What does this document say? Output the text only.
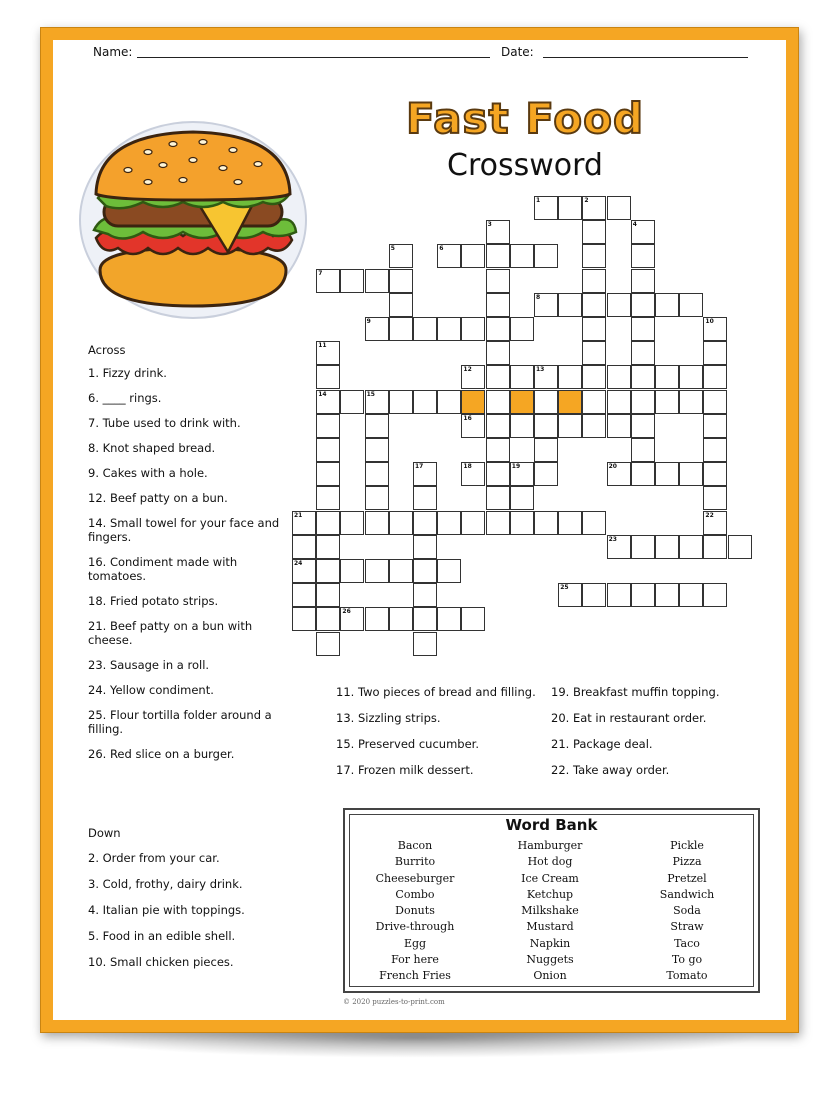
Name:	Date:
Fast Food
Crossword
Across
1. Fizzy drink.
6. ____ rings.
7. Tube used to drink with.
8. Knot shaped bread.
9. Cakes with a hole.
12. Beef patty on a bun.
14. Small towel for your face and fingers.
16. Condiment made with tomatoes.
18. Fried potato strips.
21. Beef patty on a bun with cheese.
23. Sausage in a roll.
24. Yellow condiment.
25. Flour tortilla folder around a filling.
26. Red slice on a burger.
Down
2. Order from your car.
3. Cold, frothy, dairy drink.
4. Italian pie with toppings.
5. Food in an edible shell.
10. Small chicken pieces.
11. Two pieces of bread and filling.
13. Sizzling strips.
15. Preserved cucumber.
17. Frozen milk dessert.
19. Breakfast muffin topping.
20. Eat in restaurant order.
21. Package deal.
22. Take away order.
1	2
3	4
5	6
7
8
9	10
11
12	13
14	15
16
17	18	19	20
21	22
23
24
25
26
Word Bank
Bacon
Burrito
Cheeseburger
Combo
Donuts
Drive-through
Egg
For here
French Fries
Hamburger
Hot dog
Ice Cream
Ketchup
Milkshake
Mustard
Napkin
Nuggets
Onion
Pickle
Pizza
Pretzel
Sandwich
Soda
Straw
Taco
To go
Tomato
© 2020 puzzles-to-print.com
